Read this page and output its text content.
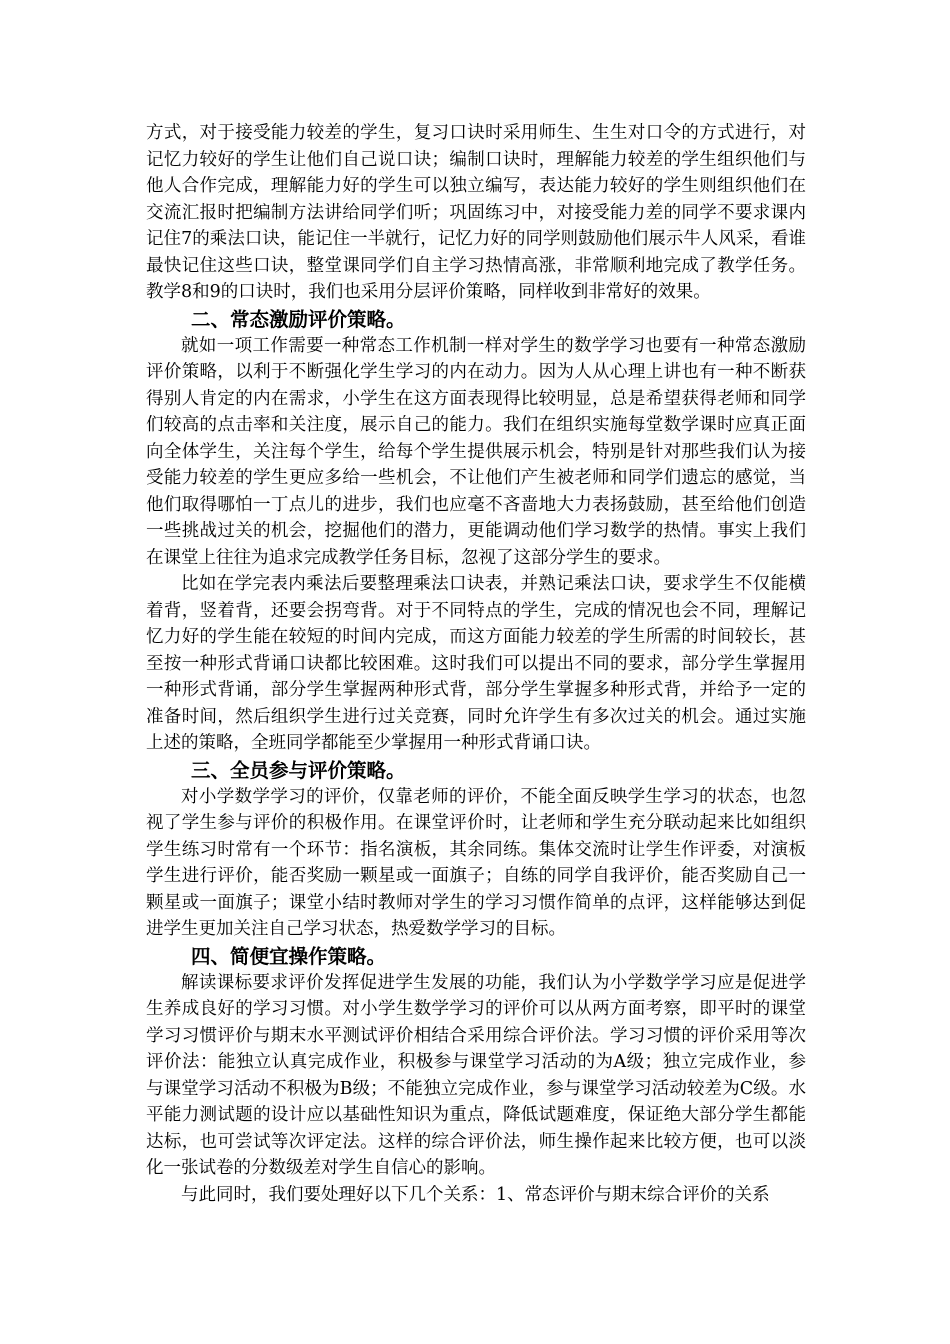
方式，对于接受能力较差的学生，复习口诀时采用师生、生生对口令的方式进行，对记忆力较好的学生让他们自己说口诀；编制口诀时，理解能力较差的学生组织他们与他人合作完成，理解能力好的学生可以独立编写，表达能力较好的学生则组织他们在交流汇报时把编制方法讲给同学们听；巩固练习中，对接受能力差的同学不要求课内记住7的乘法口诀，能记住一半就行，记忆力好的同学则鼓励他们展示牛人风采，看谁最快记住这些口诀，整堂课同学们自主学习热情高涨，非常顺利地完成了教学任务。教学8和9的口诀时，我们也采用分层评价策略，同样收到非常好的效果。

二、常态激励评价策略。

就如一项工作需要一种常态工作机制一样对学生的数学学习也要有一种常态激励评价策略，以利于不断强化学生学习的内在动力。因为人从心理上讲也有一种不断获得别人肯定的内在需求，小学生在这方面表现得比较明显，总是希望获得老师和同学们较高的点击率和关注度，展示自己的能力。我们在组织实施每堂数学课时应真正面向全体学生，关注每个学生，给每个学生提供展示机会，特别是针对那些我们认为接受能力较差的学生更应多给一些机会，不让他们产生被老师和同学们遗忘的感觉，当他们取得哪怕一丁点儿的进步，我们也应毫不吝啬地大力表扬鼓励，甚至给他们创造一些挑战过关的机会，挖掘他们的潜力，更能调动他们学习数学的热情。事实上我们在课堂上往往为追求完成教学任务目标，忽视了这部分学生的要求。

比如在学完表内乘法后要整理乘法口诀表，并熟记乘法口诀，要求学生不仅能横着背，竖着背，还要会拐弯背。对于不同特点的学生，完成的情况也会不同，理解记忆力好的学生能在较短的时间内完成，而这方面能力较差的学生所需的时间较长，甚至按一种形式背诵口诀都比较困难。这时我们可以提出不同的要求，部分学生掌握用一种形式背诵，部分学生掌握两种形式背，部分学生掌握多种形式背，并给予一定的准备时间，然后组织学生进行过关竞赛，同时允许学生有多次过关的机会。通过实施上述的策略，全班同学都能至少掌握用一种形式背诵口诀。

三、全员参与评价策略。

对小学数学学习的评价，仅靠老师的评价，不能全面反映学生学习的状态，也忽视了学生参与评价的积极作用。在课堂评价时，让老师和学生充分联动起来比如组织学生练习时常有一个环节：指名演板，其余同练。集体交流时让学生作评委，对演板学生进行评价，能否奖励一颗星或一面旗子；自练的同学自我评价，能否奖励自己一颗星或一面旗子；课堂小结时教师对学生的学习习惯作简单的点评，这样能够达到促进学生更加关注自己学习状态，热爱数学学习的目标。

四、简便宜操作策略。

解读课标要求评价发挥促进学生发展的功能，我们认为小学数学学习应是促进学生养成良好的学习习惯。对小学生数学学习的评价可以从两方面考察，即平时的课堂学习习惯评价与期末水平测试评价相结合采用综合评价法。学习习惯的评价采用等次评价法：能独立认真完成作业，积极参与课堂学习活动的为A级；独立完成作业，参与课堂学习活动不积极为B级；不能独立完成作业，参与课堂学习活动较差为C级。水平能力测试题的设计应以基础性知识为重点，降低试题难度，保证绝大部分学生都能达标，也可尝试等次评定法。这样的综合评价法，师生操作起来比较方便，也可以淡化一张试卷的分数级差对学生自信心的影响。

与此同时，我们要处理好以下几个关系：1、常态评价与期末综合评价的关系
